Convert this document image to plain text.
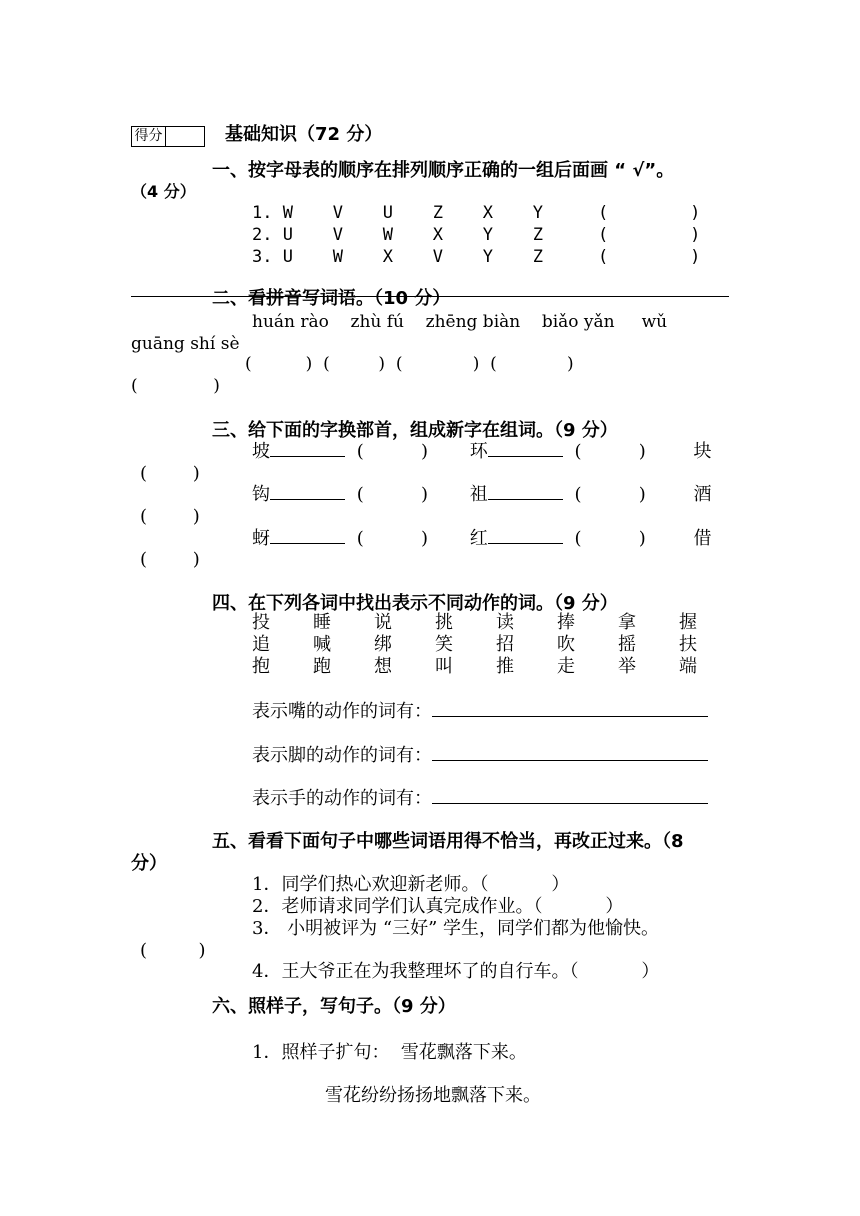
得分	基础知识（72 分）
一、按字母表的顺序在排列顺序正确的一组后面画 “ √”。
（4 分）
1. W V U Z X Y	(        )
2. U V W X Y Z	(        )
3. U W X V Y Z	(        )
二、看拼音写词语。（10 分）
huán rào    zhù fú    zhēng biàn    biǎo yǎn     wǔ
guāng shí sè
(          )  (         )  (             )  (             )
(              )
三、给下面的字换部首，组成新字在组词。（9 分）
坡	(          ) 环	(          )	块
(        )
钩	(          ) 祖	(          )	酒
(        )
蚜	(          ) 红	(          )	借
(        )
四、在下列各词中找出表示不同动作的词。（9 分）
投 睡 说 挑 读 捧 拿 握
追 喊 绑 笑 招 吹 摇 扶
抱 跑 想 叫 推 走 举 端
表示嘴的动作的词有：
表示脚的动作的词有：
表示手的动作的词有：
五、看看下面句子中哪些词语用得不恰当，再改正过来。（8
分）
1．同学们热心欢迎新老师。（           ）
2．老师请求同学们认真完成作业。（           ）
3． 小明被评为 “三好” 学生，同学们都为他愉快。
(         )
4．王大爷正在为我整理坏了的自行车。（           ）
六、照样子，写句子。（9 分）
1．照样子扩句：  雪花飘落下来。
雪花纷纷扬扬地飘落下来。
